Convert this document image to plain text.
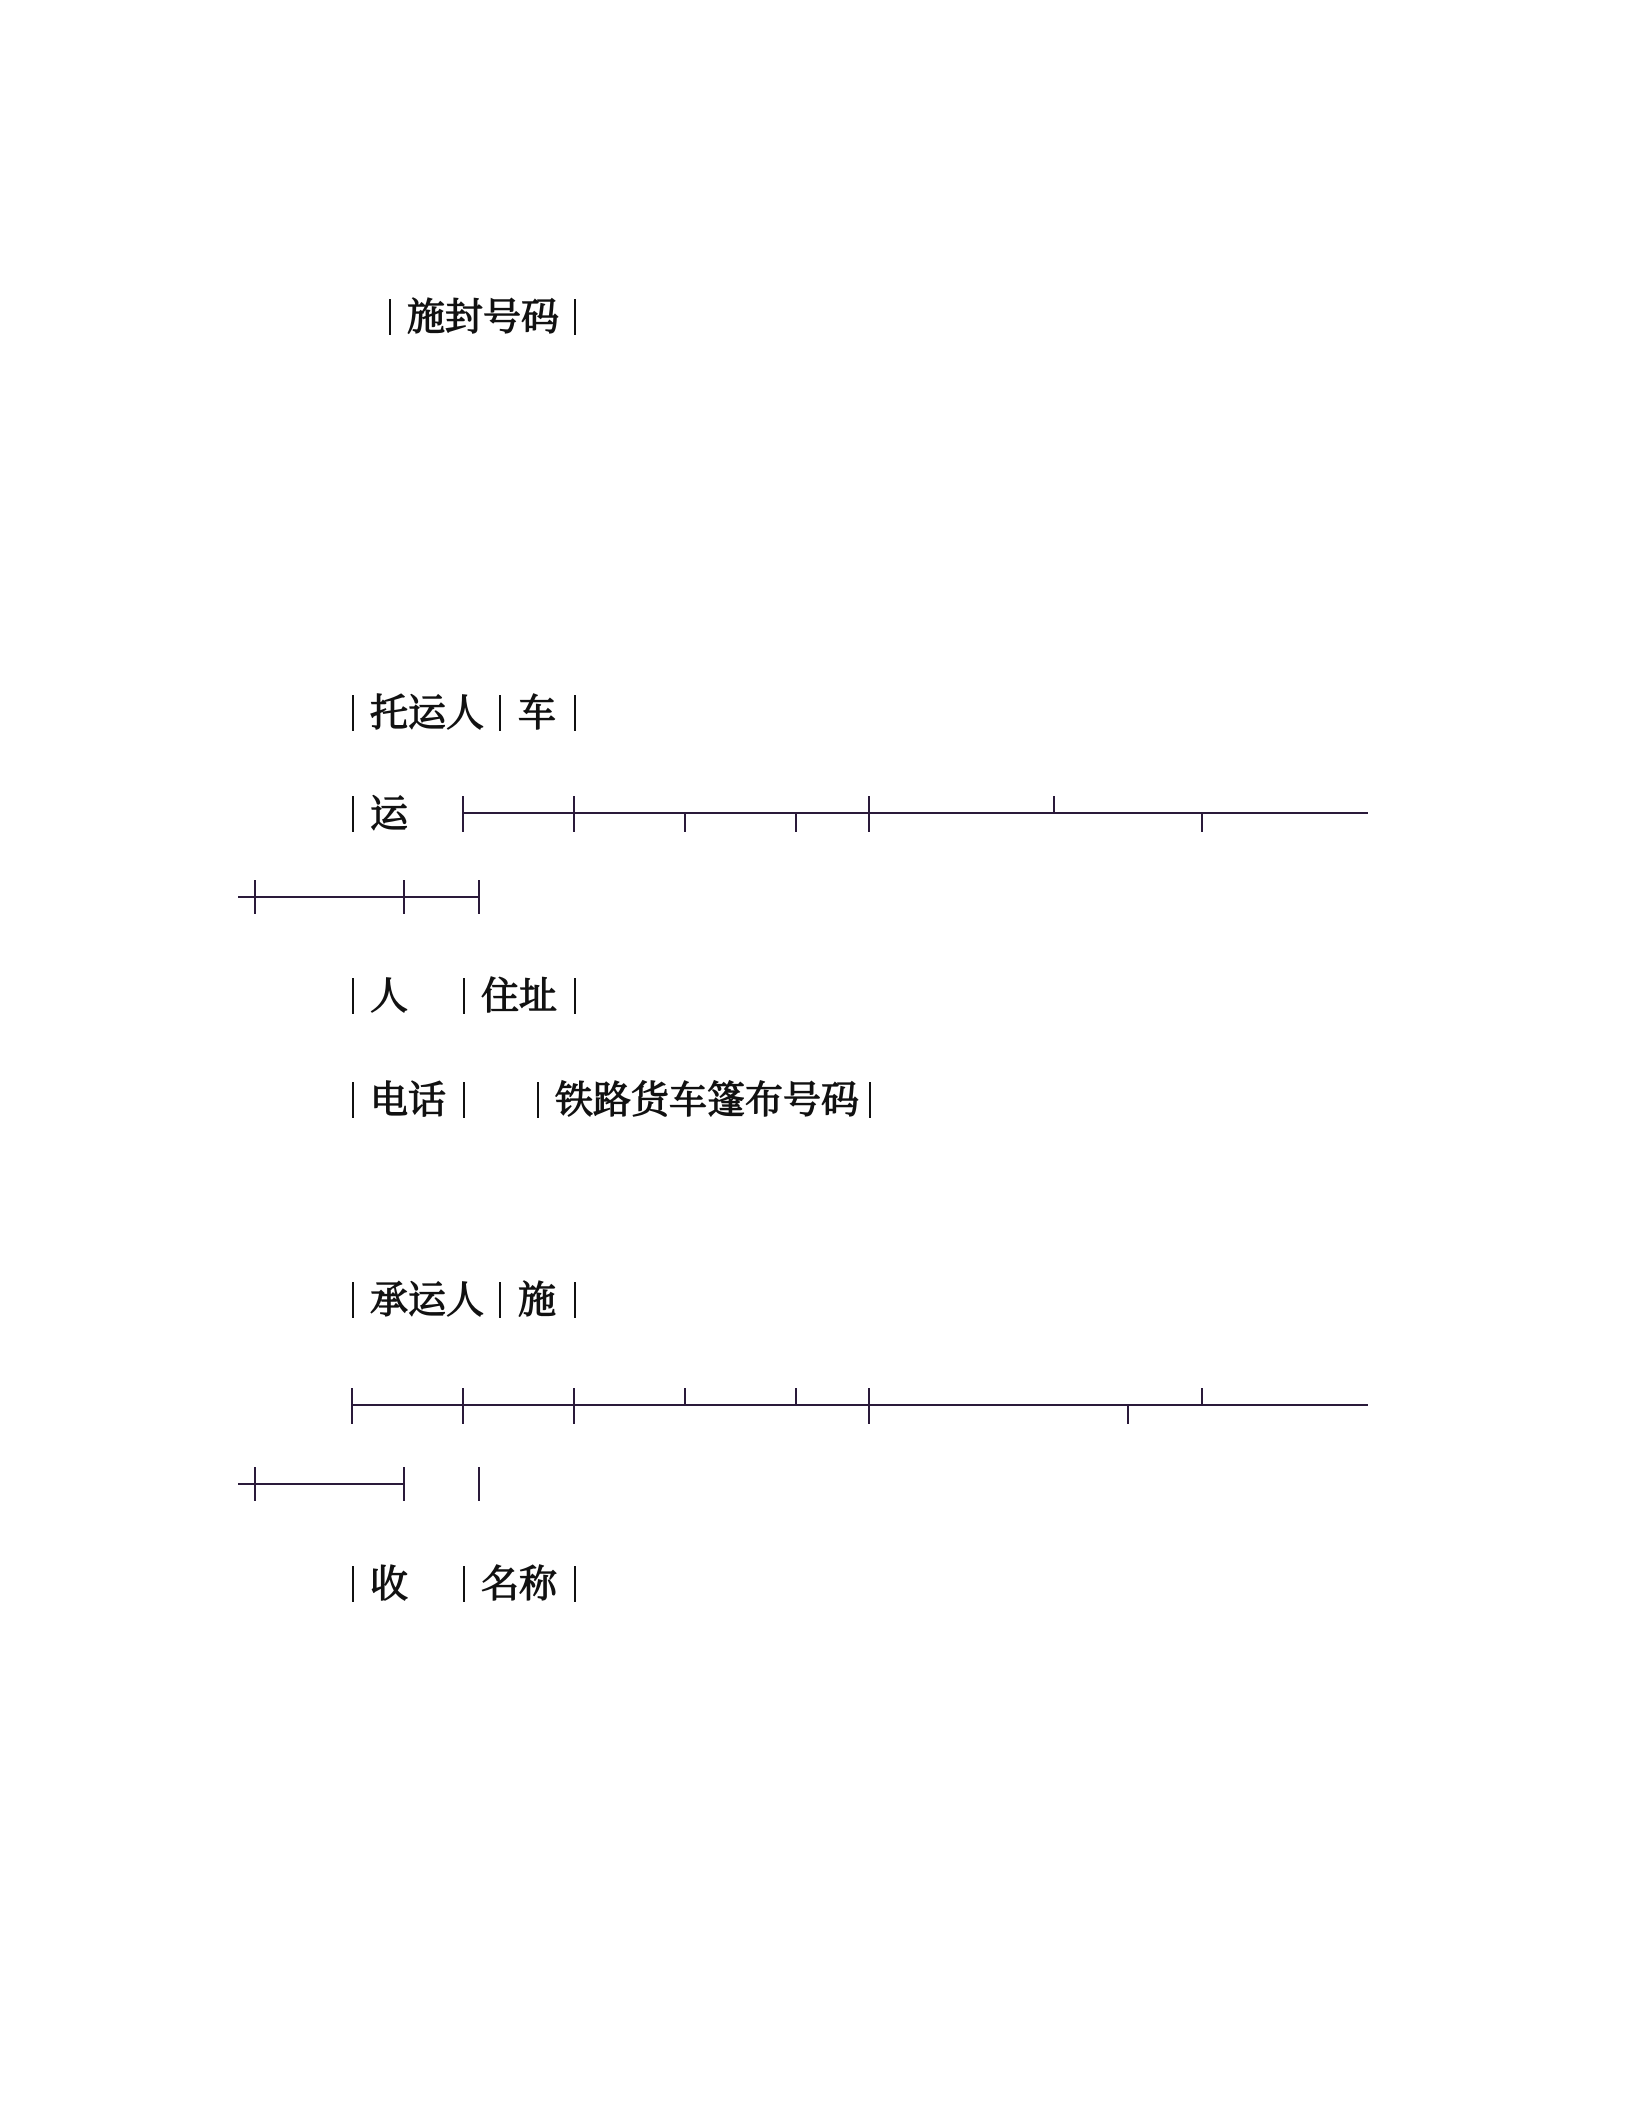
施封号码
托运人 车
运
人 住址
电话	铁路货车篷布号码
承运人 施
收 名称
